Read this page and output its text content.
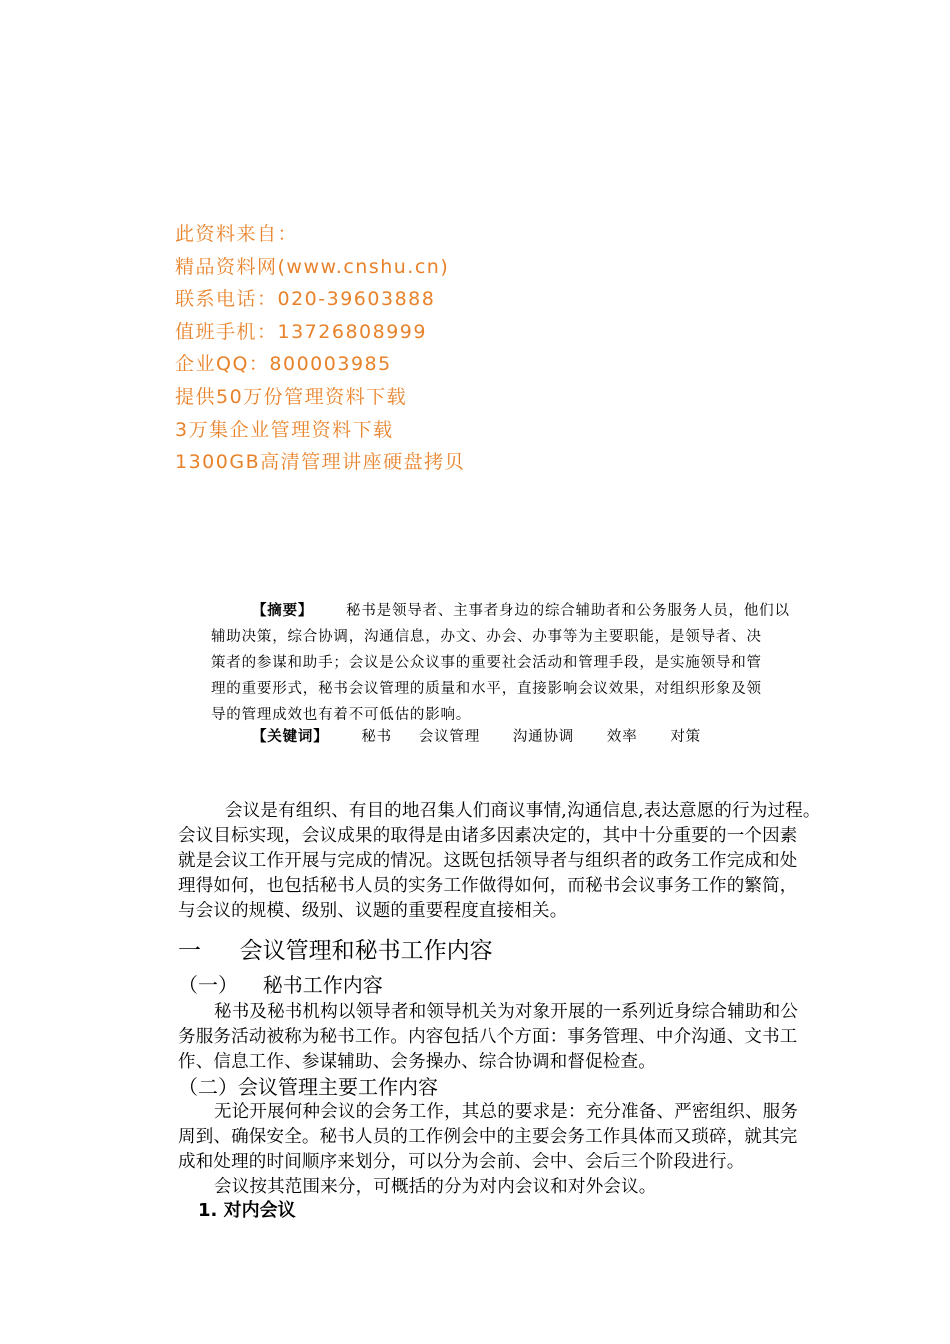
此资料来自：
精品资料网(www.cnshu.cn)
联系电话：020-39603888
值班手机：13726808999
企业QQ：800003985
提供50万份管理资料下载
3万集企业管理资料下载
1300GB高清管理讲座硬盘拷贝
【摘要】 秘书是领导者、主事者身边的综合辅助者和公务服务人员，他们以
辅助决策，综合协调，沟通信息，办文、办会、办事等为主要职能，是领导者、决
策者的参谋和助手；会议是公众议事的重要社会活动和管理手段，是实施领导和管
理的重要形式，秘书会议管理的质量和水平，直接影响会议效果，对组织形象及领
导的管理成效也有着不可低估的影响。
【关键词】 秘书 会议管理 沟通协调 效率 对策
会议是有组织、有目的地召集人们商议事情,沟通信息,表达意愿的行为过程。
会议目标实现，会议成果的取得是由诸多因素决定的，其中十分重要的一个因素
就是会议工作开展与完成的情况。这既包括领导者与组织者的政务工作完成和处
理得如何，也包括秘书人员的实务工作做得如何，而秘书会议事务工作的繁简，
与会议的规模、级别、议题的重要程度直接相关。
一 会议管理和秘书工作内容
（一） 秘书工作内容
秘书及秘书机构以领导者和领导机关为对象开展的一系列近身综合辅助和公
务服务活动被称为秘书工作。内容包括八个方面：事务管理、中介沟通、文书工
作、信息工作、参谋辅助、会务操办、综合协调和督促检查。
（二）会议管理主要工作内容
无论开展何种会议的会务工作，其总的要求是：充分准备、严密组织、服务
周到、确保安全。秘书人员的工作例会中的主要会务工作具体而又琐碎，就其完
成和处理的时间顺序来划分，可以分为会前、会中、会后三个阶段进行。
会议按其范围来分，可概括的分为对内会议和对外会议。
1. 对内会议
